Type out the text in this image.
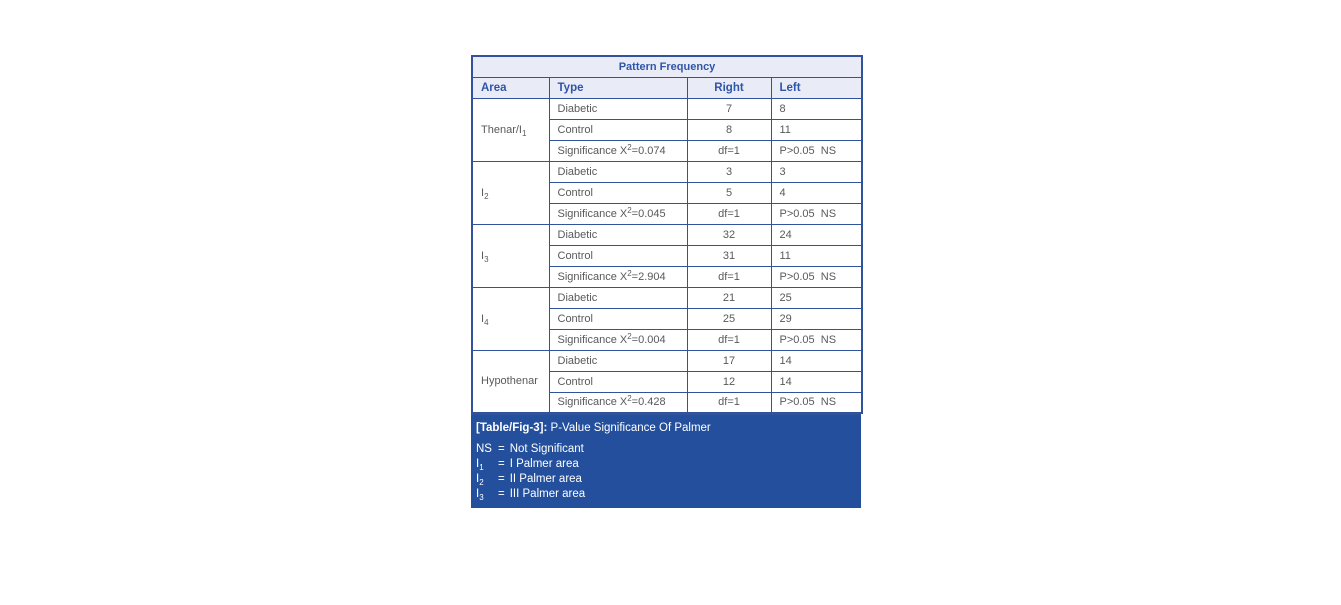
Pattern Frequency			
Area	Type	Right	Left
Thenar/$I_1$	Diabetic	7	8
	Control	8	11
	Significance $X^2=0.074$	df=1	P>0.05  NS
$I_2$	Diabetic	3	3
	Control	5	4
	Significance $X^2=0.045$	df=1	P>0.05  NS
$I_3$	Diabetic	32	24
	Control	31	11
	Significance $X^2=2.904$	df=1	P>0.05  NS
$I_4$	Diabetic	21	25
	Control	25	29
	Significance $X^2=0.004$	df=1	P>0.05  NS
Hypothenar	Diabetic	17	14
	Control	12	14
	Significance $X^2=0.428$	df=1	P>0.05  NS
[Table/Fig-3]: P-Value Significance Of Palmer
NS = Not Significant
$I_1$	= I Palmer area
$I_2$	= II Palmer area
$I_3$	= III Palmer area
